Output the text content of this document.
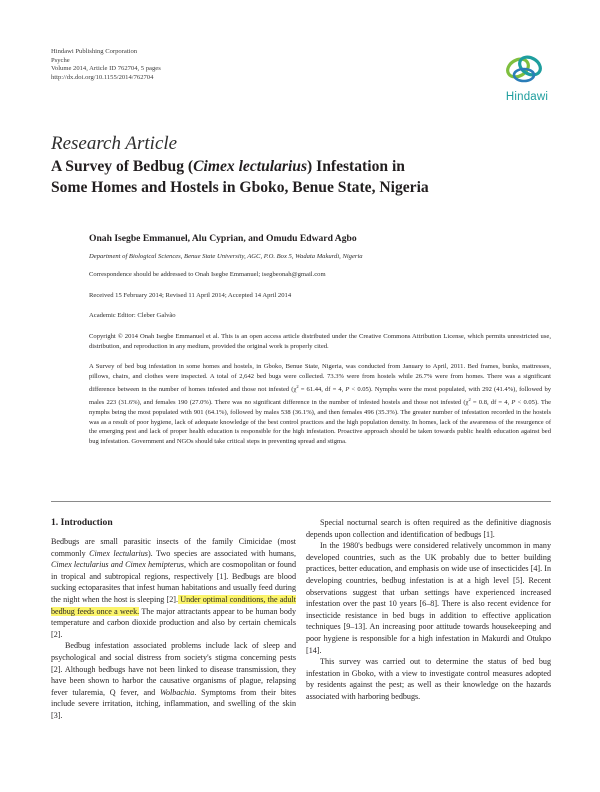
Hindawi Publishing Corporation
Psyche
Volume 2014, Article ID 762704, 5 pages
http://dx.doi.org/10.1155/2014/762704
Hindawi
Research Article
A Survey of Bedbug (Cimex lectularius) Infestation in
Some Homes and Hostels in Gboko, Benue State, Nigeria
Onah Isegbe Emmanuel, Alu Cyprian, and Omudu Edward Agbo
Department of Biological Sciences, Benue State University, AGC, P.O. Box 5, Wadata Makurdi, Nigeria
Correspondence should be addressed to Onah Isegbe Emmanuel; isegbeonah@gmail.com
Received 15 February 2014; Revised 11 April 2014; Accepted 14 April 2014
Academic Editor: Cleber Galvão
Copyright © 2014 Onah Isegbe Emmanuel et al. This is an open access article distributed under the Creative Commons Attribution License, which permits unrestricted use, distribution, and reproduction in any medium, provided the original work is properly cited.
A Survey of bed bug infestation in some homes and hostels, in Gboko, Benue State, Nigeria, was conducted from January to April, 2011. Bed frames, bunks, mattresses, pillows, chairs, and clothes were inspected. A total of 2,642 bed bugs were collected. 73.3% were from hostels while 26.7% were from homes. There was a significant difference between in the number of homes infested and those not infested ($\chi^2 = 61.44$, df = 4, P < 0.05). Nymphs were the most populated, with 292 (41.4%), followed by males 223 (31.6%), and females 190 (27.0%). There was no significant difference in the number of infested hostels and those not infested ($\chi^2 = 0.8$, df = 4, P < 0.05). The nymphs being the most populated with 901 (64.1%), followed by males 538 (36.1%), and then females 496 (35.3%). The greater number of infestation recorded in the hostels was as a result of poor hygiene, lack of adequate knowledge of the best control practices and the high population density. In homes, lack of the awareness of the resurgence of the emerging pest and lack of proper health education is responsible for the high infestation. Proactive approach should be taken towards public health education against bed bug infestation. Government and NGOs should take critical steps in preventing spread and stigma.
1. Introduction

Bedbugs are small parasitic insects of the family Cimicidae (most commonly Cimex lectularius). Two species are associated with humans, Cimex lectularius and Cimex hemipterus, which are cosmopolitan or found in tropical and subtropical regions, respectively [1]. Bedbugs are blood sucking ectoparasites that infest human habitations and usually feed during the night when the host is sleeping [2]. Under optimal conditions, the adult bedbug feeds once a week. The major attractants appear to be human body temperature and carbon dioxide production and also by certain chemicals [2].

Bedbug infestation associated problems include lack of sleep and psychological and social distress from society's stigma concerning pests [2]. Although bedbugs have not been linked to disease transmission, they have been shown to harbor the causative organisms of plague, relapsing fever tularemia, Q fever, and Wolbachia. Symptoms from their bites include severe irritation, itching, inflammation, and swelling of the skin [3].

Special nocturnal search is often required as the definitive diagnosis depends upon collection and identification of bedbugs [1].

In the 1980's bedbugs were considered relatively uncommon in many developed countries, such as the UK probably due to better building practices, better education, and emphasis on wide use of insecticides [4]. In developing countries, bedbug infestation is at a high level [5]. Recent observations suggest that urban settings have experienced increased infestation over the past 10 years [6–8]. There is also recent evidence for insecticide resistance in bed bugs in addition to effective application techniques [9–13]. An increasing poor attitude towards housekeeping and poor hygiene is responsible for a high infestation in Makurdi and Otukpo [14].

This survey was carried out to determine the status of bed bug infestation in Gboko, with a view to investigate control measures adopted by residents against the pest; as well as their knowledge on the hazards associated with harboring bedbugs.
